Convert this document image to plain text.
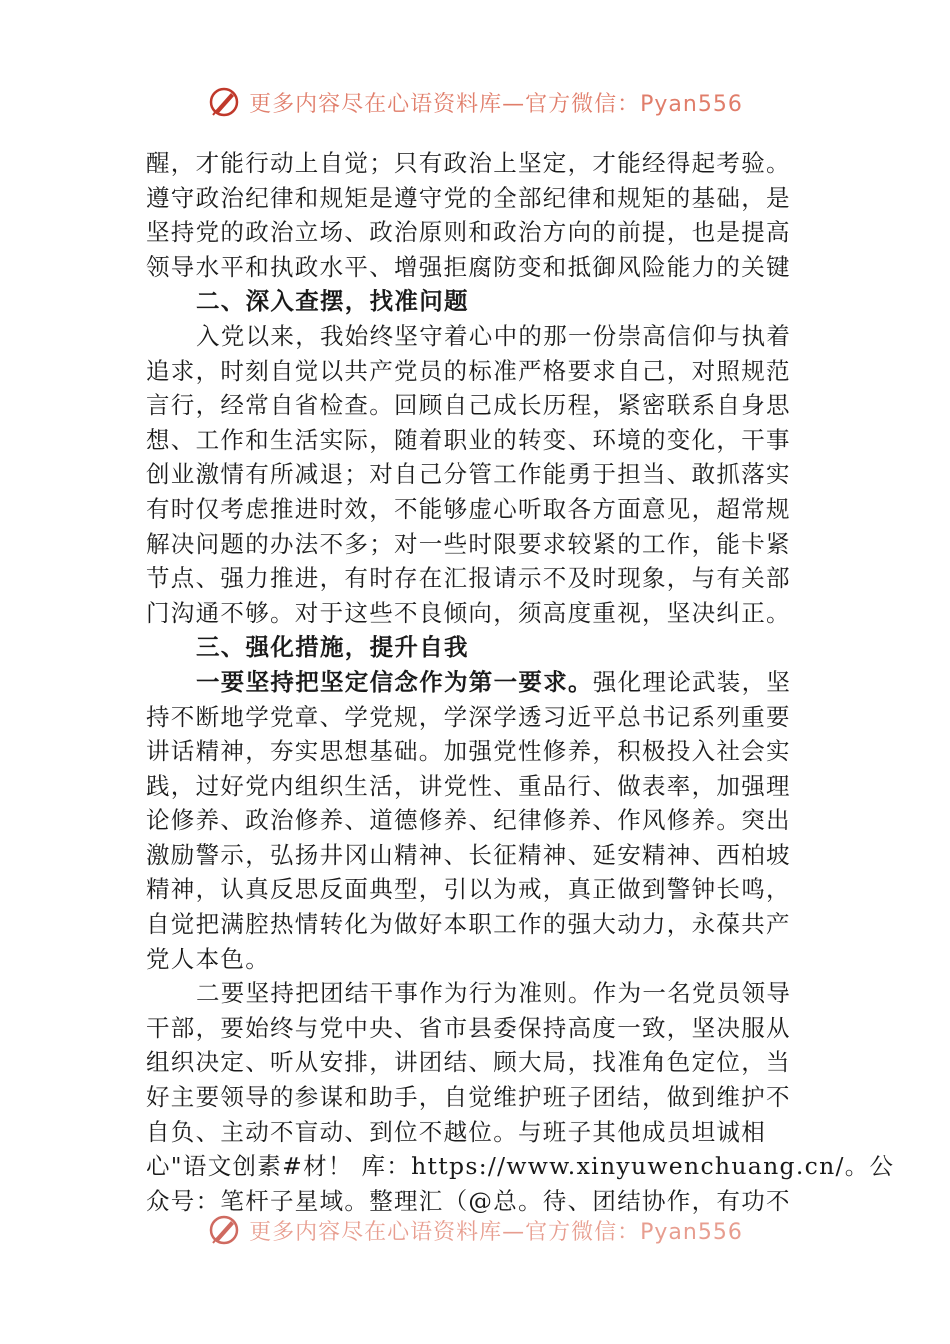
更多内容尽在心语资料库—官方微信：Pyan556

醒，才能行动上自觉；只有政治上坚定，才能经得起考验。

遵守政治纪律和规矩是遵守党的全部纪律和规矩的基础，是

坚持党的政治立场、政治原则和政治方向的前提，也是提高

领导水平和执政水平、增强拒腐防变和抵御风险能力的关键

二、深入查摆，找准问题

入党以来，我始终坚守着心中的那一份崇高信仰与执着

追求，时刻自觉以共产党员的标准严格要求自己，对照规范

言行，经常自省检查。回顾自己成长历程，紧密联系自身思

想、工作和生活实际，随着职业的转变、环境的变化，干事

创业激情有所减退；对自己分管工作能勇于担当、敢抓落实

有时仅考虑推进时效，不能够虚心听取各方面意见，超常规

解决问题的办法不多；对一些时限要求较紧的工作，能卡紧

节点、强力推进，有时存在汇报请示不及时现象，与有关部

门沟通不够。对于这些不良倾向，须高度重视，坚决纠正。

三、强化措施，提升自我

一要坚持把坚定信念作为第一要求。强化理论武装，坚

持不断地学党章、学党规，学深学透习近平总书记系列重要

讲话精神，夯实思想基础。加强党性修养，积极投入社会实

践，过好党内组织生活，讲党性、重品行、做表率，加强理

论修养、政治修养、道德修养、纪律修养、作风修养。突出

激励警示，弘扬井冈山精神、长征精神、延安精神、西柏坡

精神，认真反思反面典型，引以为戒，真正做到警钟长鸣，

自觉把满腔热情转化为做好本职工作的强大动力，永葆共产

党人本色。

二要坚持把团结干事作为行为准则。作为一名党员领导

干部，要始终与党中央、省市县委保持高度一致，坚决服从

组织决定、听从安排，讲团结、顾大局，找准角色定位，当

好主要领导的参谋和助手，自觉维护班子团结，做到维护不

自负、主动不盲动、到位不越位。与班子其他成员坦诚相

心"语文创素#材！ 库：https://www.xinyuwenchuang.cn/。公

众号：笔杆子星域。整理汇（@总。待、团结协作，有功不

更多内容尽在心语资料库—官方微信：Pyan556
